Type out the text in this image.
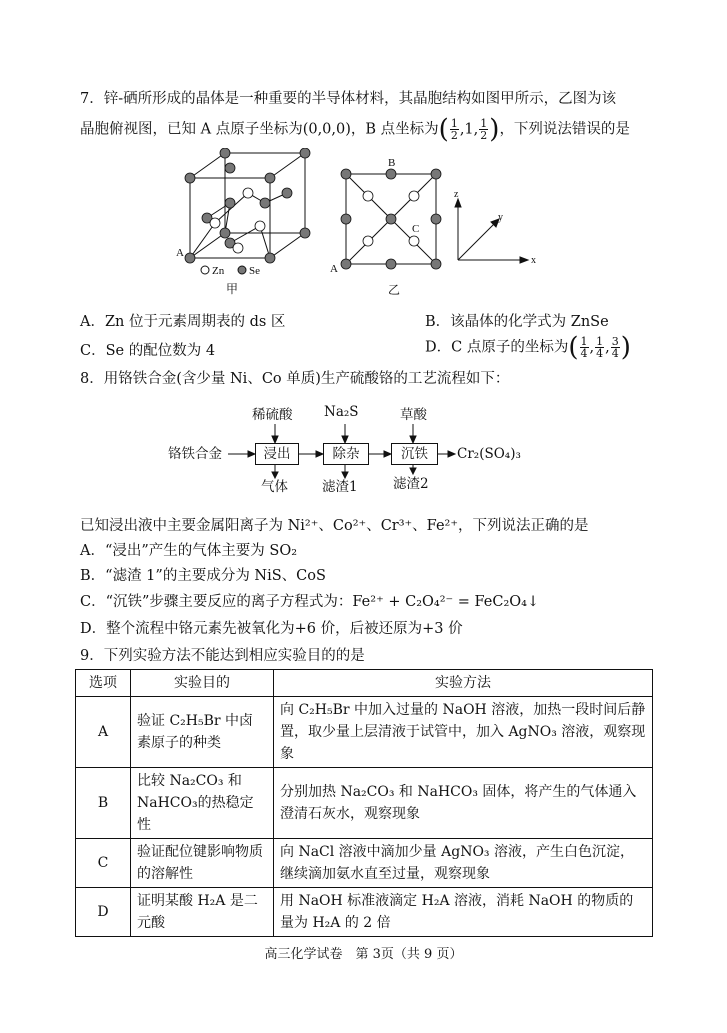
7．锌-硒所形成的晶体是一种重要的半导体材料，其晶胞结构如图甲所示，乙图为该
晶胞俯视图，已知 A 点原子坐标为(0,0,0)，B 点坐标为( $\frac{1}{2} ,1$, $\frac{1}{2}$ )，下列说法错误的是
A
Zn Se
甲
B
C
A
乙
z
y
x
A．Zn 位于元素周期表的 ds 区	B．该晶体的化学式为 ZnSe
C．Se 的配位数为 4	D．C 点原子的坐标为( $\frac{1}{4}$ , $\frac{1}{4}$ , $\frac{3}{4}$ )
8．用铬铁合金(含少量 Ni、Co 单质)生产硫酸铬的工艺流程如下：
铬铁合金	浸出	除杂	沉铁	Cr₂(SO₄)₃
稀硫酸 Na₂S	草酸
气体	滤渣1	滤渣2
已知浸出液中主要金属阳离子为 Ni²⁺、Co²⁺、Cr³⁺、Fe²⁺，下列说法正确的是
A．“浸出”产生的气体主要为 SO₂
B．“滤渣 1”的主要成分为 NiS、CoS
C．“沉铁”步骤主要反应的离子方程式为：Fe²⁺ + C₂O₄²⁻ = FeC₂O₄↓
D．整个流程中铬元素先被氧化为+6 价，后被还原为+3 价
9．下列实验方法不能达到相应实验目的的是
选项	实验目的	实验方法
A	验证 C₂H₅Br 中卤素原子的种类	向 C₂H₅Br 中加入过量的 NaOH 溶液，加热一段时间后静置，取少量上层清液于试管中，加入 AgNO₃ 溶液，观察现象
B	比较 Na₂CO₃ 和 NaHCO₃的热稳定性	分别加热 Na₂CO₃ 和 NaHCO₃ 固体，将产生的气体通入澄清石灰水，观察现象
C	验证配位键影响物质的溶解性	向 NaCl 溶液中滴加少量 AgNO₃ 溶液，产生白色沉淀，继续滴加氨水直至过量，观察现象
D	证明某酸 H₂A 是二元酸	用 NaOH 标准液滴定 H₂A 溶液，消耗 NaOH 的物质的量为 H₂A 的 2 倍
高三化学试卷　第 3页（共 9 页）
